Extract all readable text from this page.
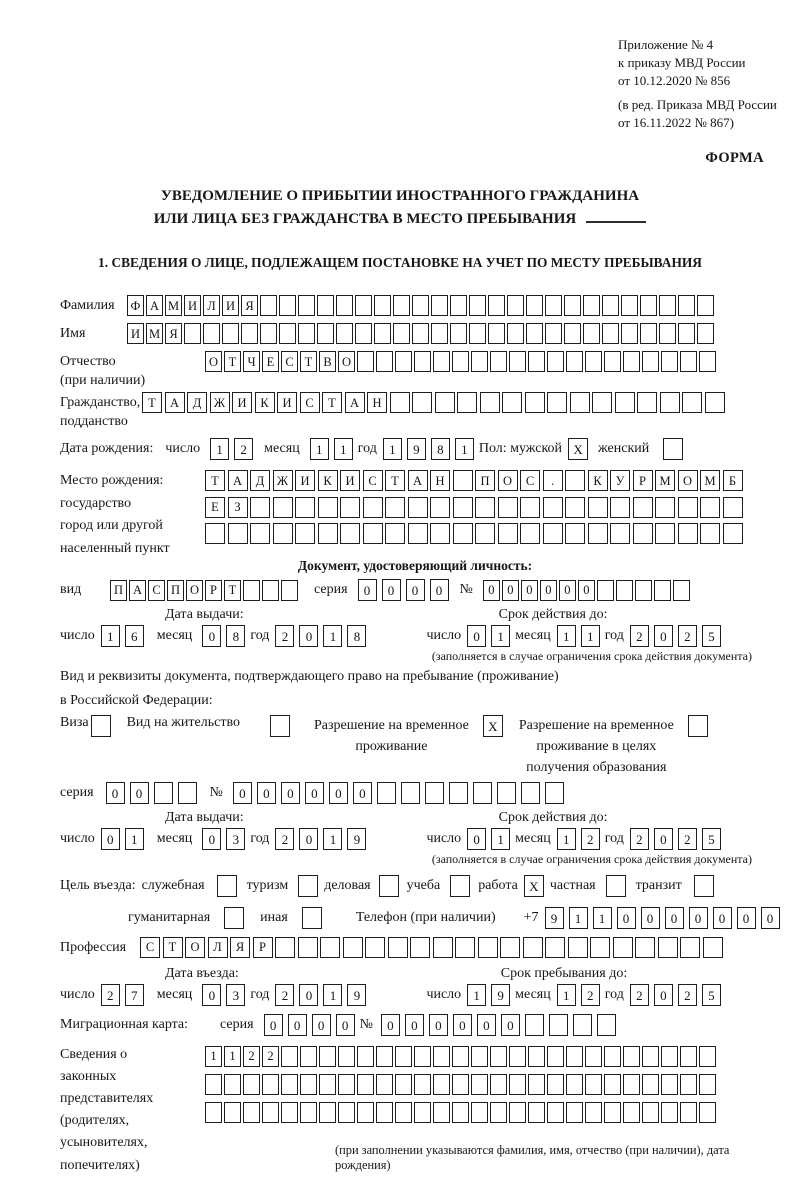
Приложение № 4
к приказу МВД России
от 10.12.2020 № 856
(в ред. Приказа МВД России
от 16.11.2022 № 867)
ФОРМА
УВЕДОМЛЕНИЕ О ПРИБЫТИИ ИНОСТРАННОГО ГРАЖДАНИНА
ИЛИ ЛИЦА БЕЗ ГРАЖДАНСТВА В МЕСТО ПРЕБЫВАНИЯ
1. СВЕДЕНИЯ О ЛИЦЕ, ПОДЛЕЖАЩЕМ ПОСТАНОВКЕ НА УЧЕТ ПО МЕСТУ ПРЕБЫВАНИЯ
Фамилия	Ф А М И Л И Я
Имя	И М Я
Отчество	О Т Ч Е С Т В О
(при наличии)
Гражданство, Т	А	Д	Ж И	К	И	С	Т	А	Н
подданство
Дата рождения: число	1	2	месяц	1	1 год 1	9	8	1 Пол: мужской X	женский
Место рождения:
государство
город или другой
населенный пункт
Т	А	Д	Ж И	К	И	С	Т	А	Н	П	О	С	.	К	У	Р	М О М	Б
Е	З
Документ, удостоверяющий личность:
вид	П А С П О Р Т	серия	0	0	0	0	№	0	0	0	0	0	0
Дата выдачи:	Срок действия до:
число 1	6	месяц	0	8 год 2	0	1	8	число 0	1 месяц 1	1 год 2	0	2	5
(заполняется в случае ограничения срока действия документа)
Вид и реквизиты документа, подтверждающего право на пребывание (проживание)
в Российской Федерации:
Виза	Вид на жительство	Разрешение на временное
проживание
X	Разрешение на временное
проживание в целях
получения образования
серия	0	0	№	0	0	0	0	0	0
Дата выдачи:	Срок действия до:
число 0	1	месяц	0	3 год 2	0	1	9	число 0	1 месяц 1	2 год 2	0	2	5
(заполняется в случае ограничения срока действия документа)
Цель въезда: служебная	туризм	деловая	учеба	работа X частная	транзит
гуманитарная	иная	Телефон (при наличии) +7 9	1	1	0	0	0	0	0	0	0
Профессия	С	Т	О	Л	Я	Р
Дата въезда:	Срок пребывания до:
число 2	7	месяц	0	3 год 2	0	1	9	число 1	9 месяц 1	2 год 2	0	2	5
Миграционная карта: серия	0	0	0	0 №	0	0	0	0	0	0
Сведения о
законных
представителях
(родителях,
усыновителях,
попечителях)
1	1	2	2
(при заполнении указываются фамилия, имя, отчество (при наличии), дата рождения)
